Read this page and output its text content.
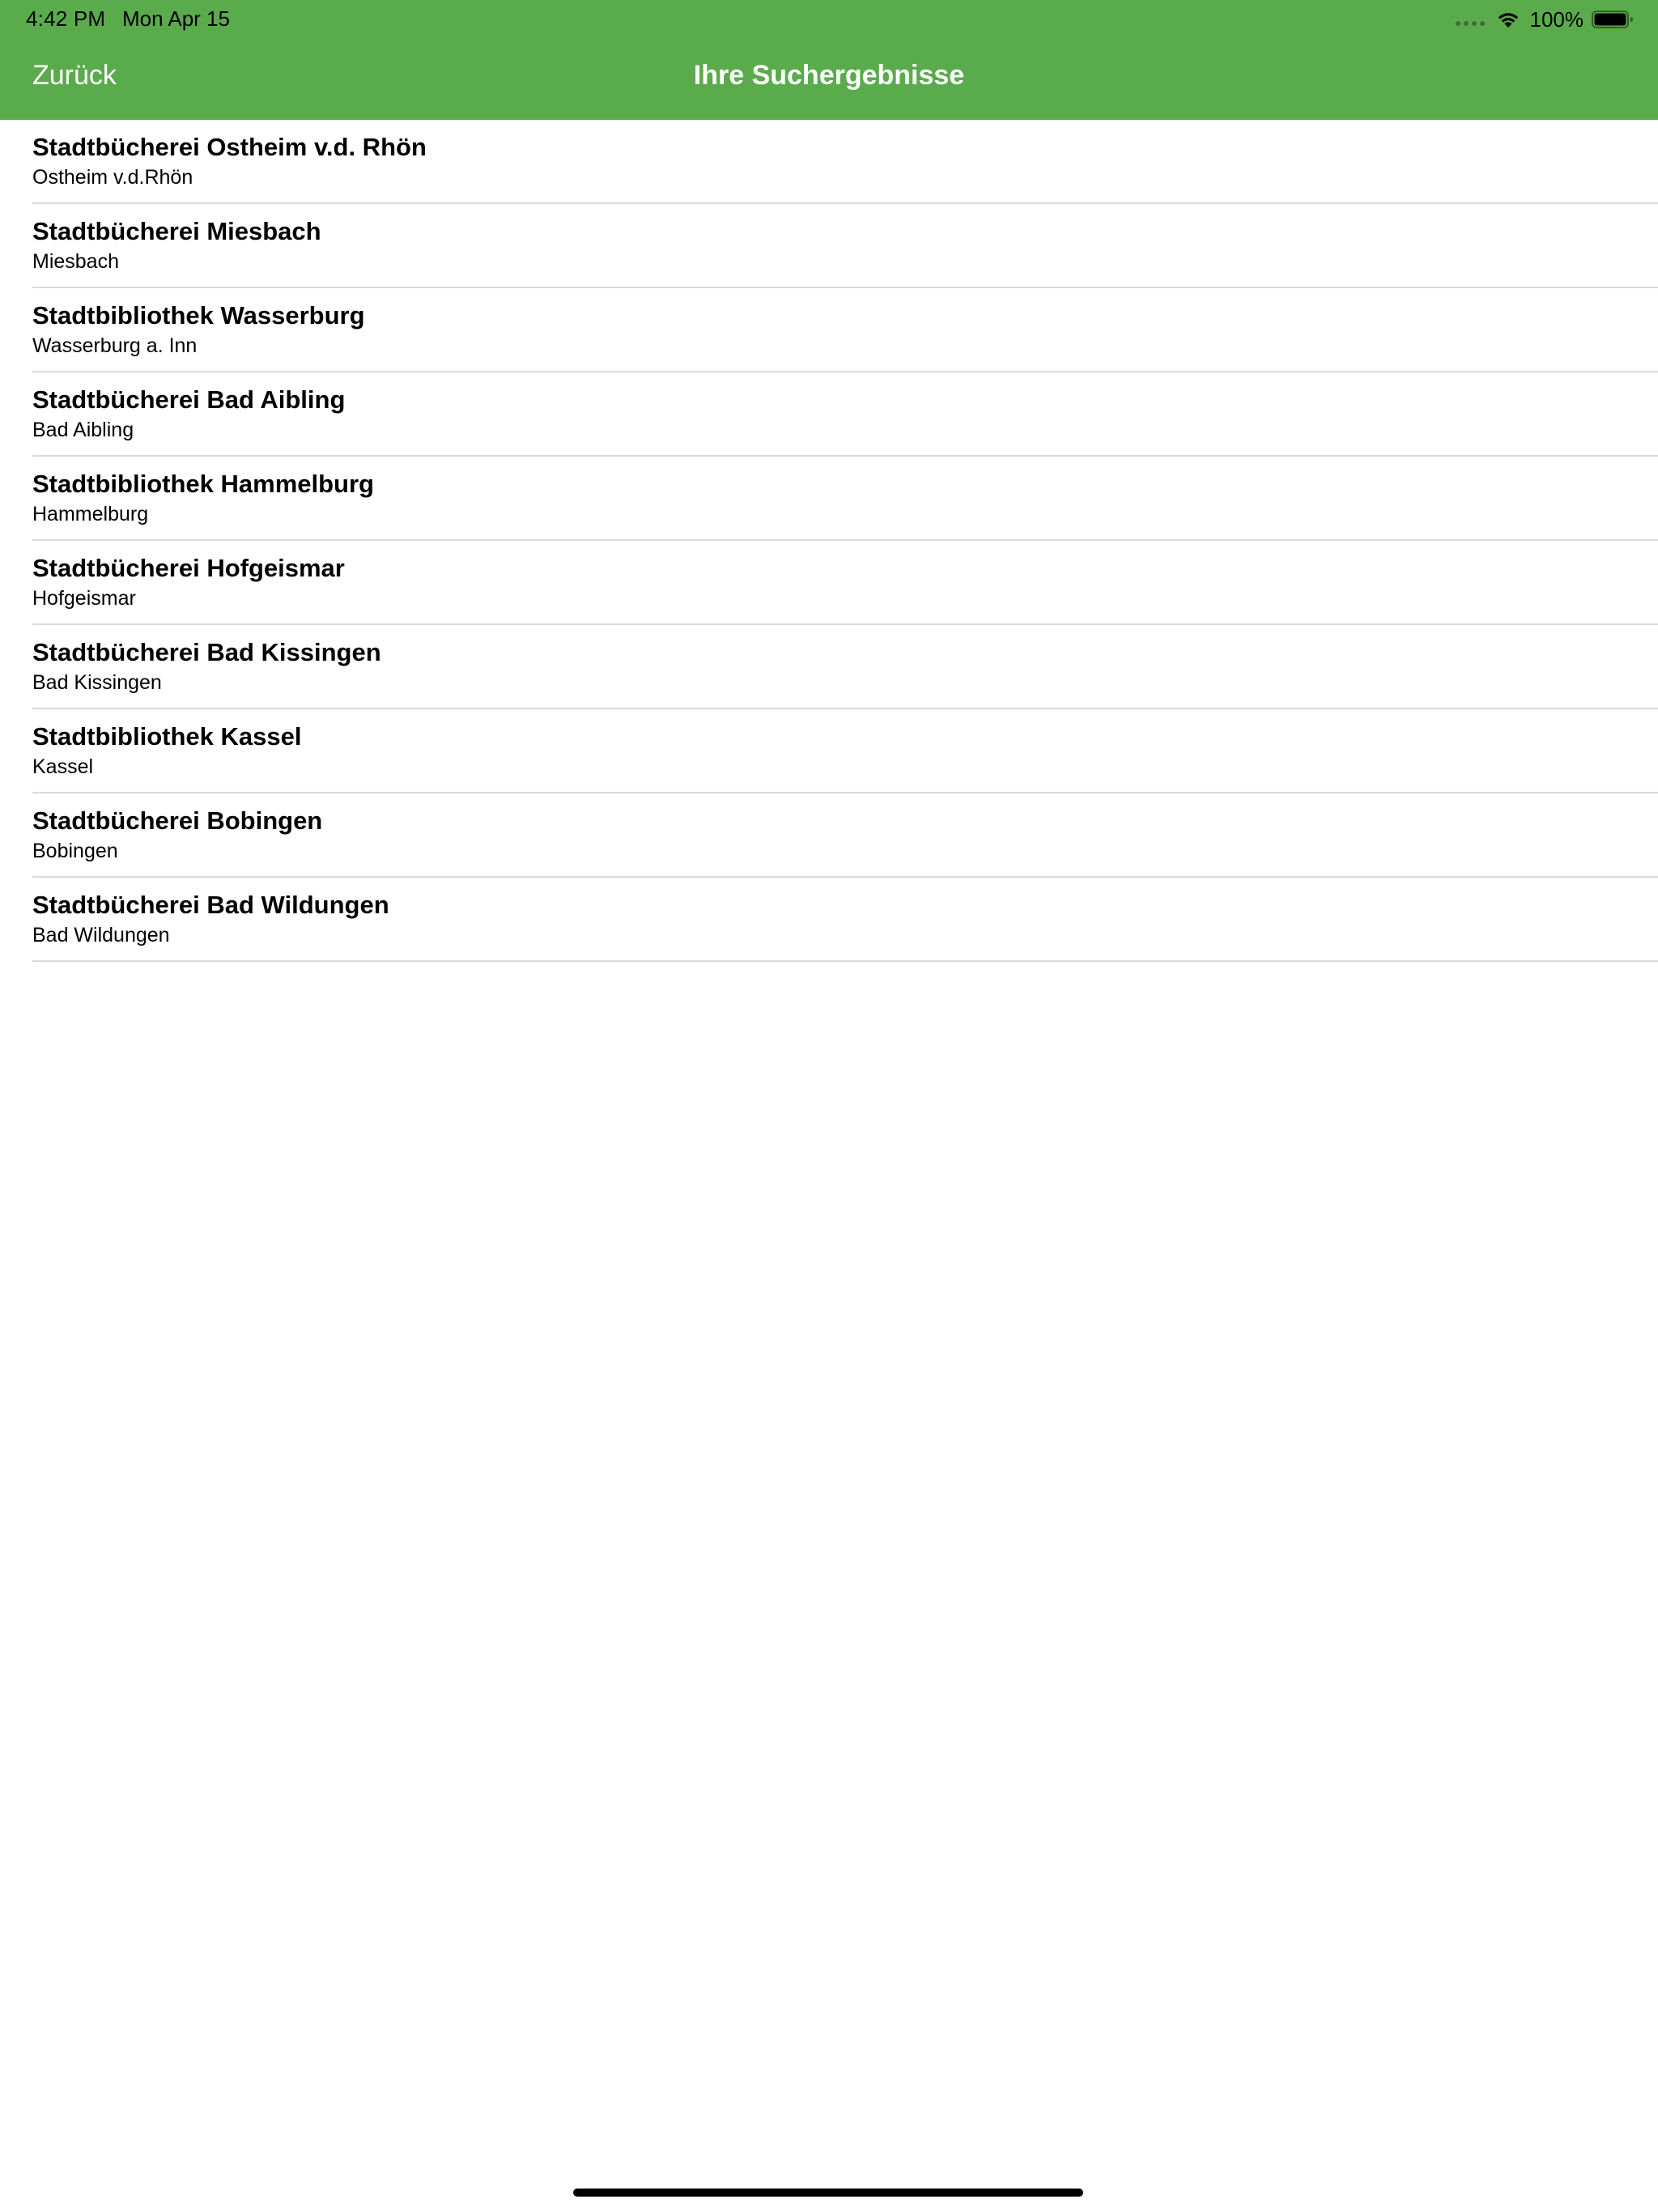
4:42 PM Mon Apr 15	100%
Zurück	Ihre Suchergebnisse
Stadtbücherei Ostheim v.d. Rhön
Ostheim v.d.Rhön
Stadtbücherei Miesbach
Miesbach
Stadtbibliothek Wasserburg
Wasserburg a. Inn
Stadtbücherei Bad Aibling
Bad Aibling
Stadtbibliothek Hammelburg
Hammelburg
Stadtbücherei Hofgeismar
Hofgeismar
Stadtbücherei Bad Kissingen
Bad Kissingen
Stadtbibliothek Kassel
Kassel
Stadtbücherei Bobingen
Bobingen
Stadtbücherei Bad Wildungen
Bad Wildungen
